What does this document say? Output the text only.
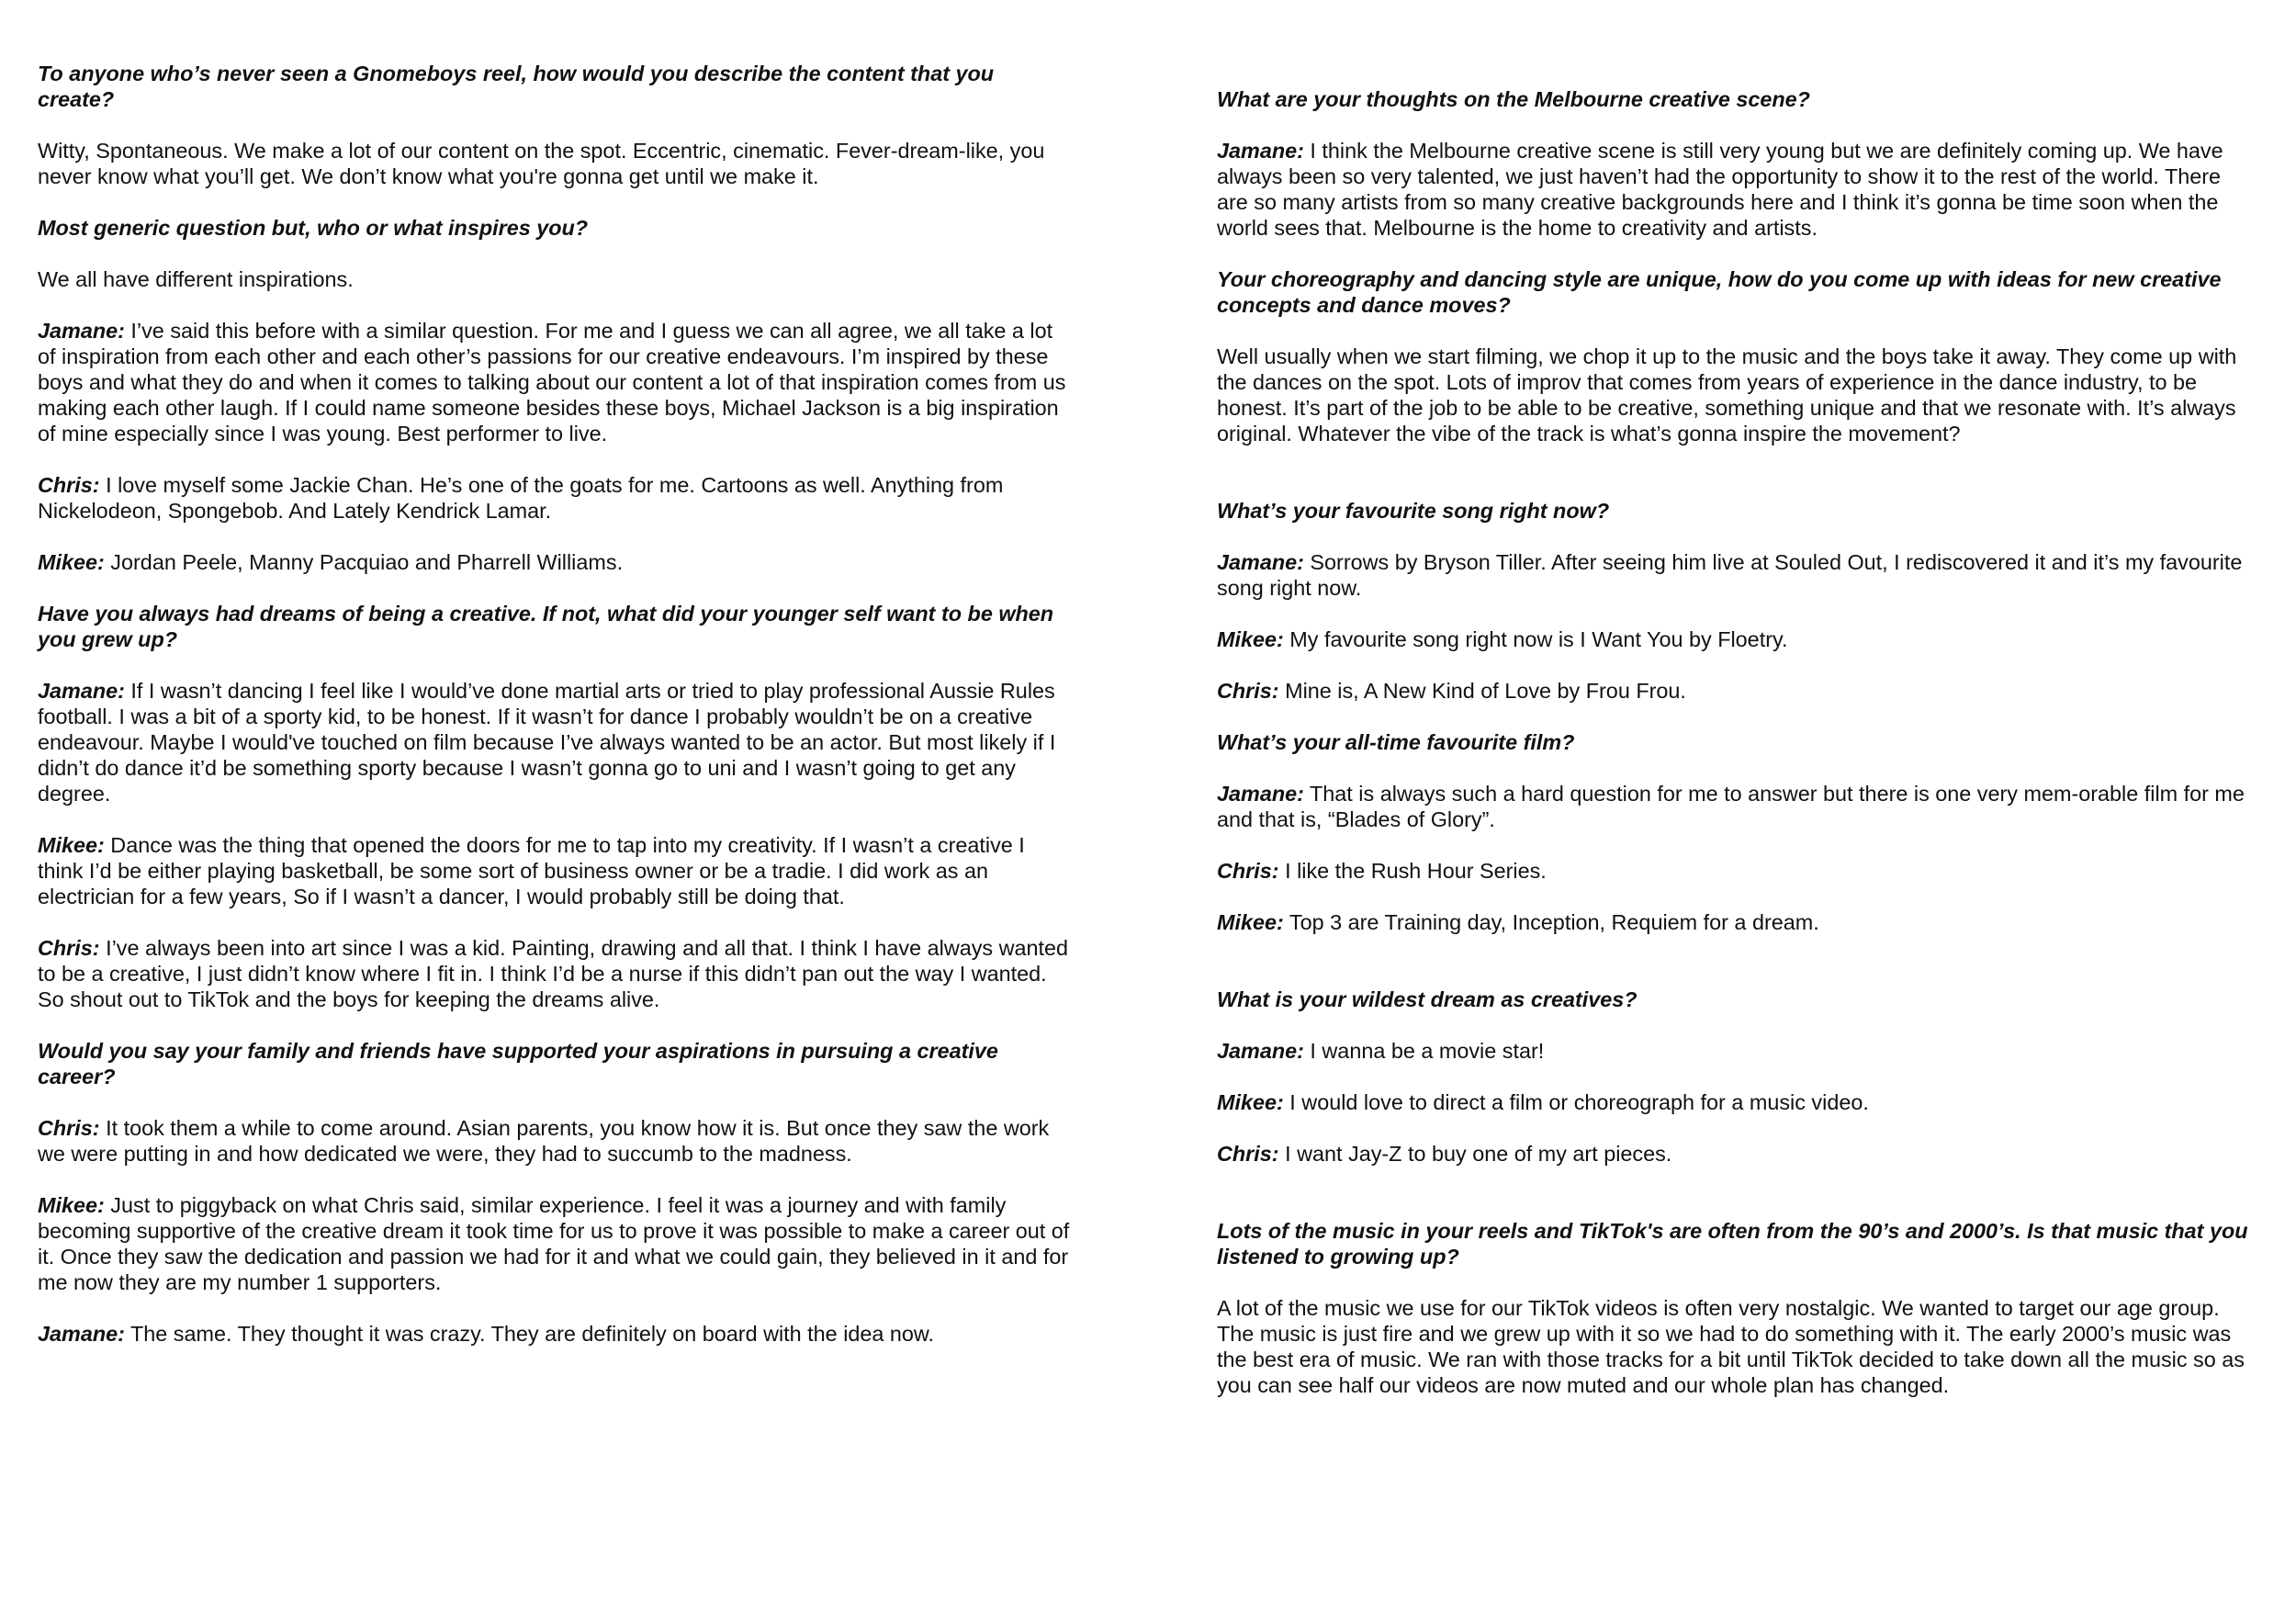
To anyone who’s never seen a Gnomeboys reel, how would you describe the content that you create?

Witty, Spontaneous. We make a lot of our content on the spot. Eccentric, cinematic. Fever-dream-like, you never know what you’ll get. We don’t know what you're gonna get until we make it.

Most generic question but, who or what inspires you?

We all have different inspirations.

Jamane: I’ve said this before with a similar question. For me and I guess we can all agree, we all take a lot of inspiration from each other and each other’s passions for our creative endeavours. I’m inspired by these boys and what they do and when it comes to talking about our content a lot of that inspiration comes from us making each other laugh. If I could name someone besides these boys, Michael Jackson is a big inspiration of mine especially since I was young. Best performer to live.

Chris: I love myself some Jackie Chan. He’s one of the goats for me. Cartoons as well. Anything from Nickelodeon, Spongebob. And Lately Kendrick Lamar.

Mikee: Jordan Peele, Manny Pacquiao and Pharrell Williams.

Have you always had dreams of being a creative. If not, what did your younger self want to be when you grew up?

Jamane: If I wasn’t dancing I feel like I would’ve done martial arts or tried to play professional Aussie Rules football. I was a bit of a sporty kid, to be honest. If it wasn’t for dance I probably wouldn’t be on a creative endeavour. Maybe I would've touched on film because I’ve always wanted to be an actor. But most likely if I didn’t do dance it’d be something sporty because I wasn’t gonna go to uni and I wasn’t going to get any degree.

Mikee: Dance was the thing that opened the doors for me to tap into my creativity. If I wasn’t a creative I think I’d be either playing basketball, be some sort of business owner or be a tradie. I did work as an electrician for a few years, So if I wasn’t a dancer, I would probably still be doing that.

Chris: I’ve always been into art since I was a kid. Painting, drawing and all that. I think I have always wanted to be a creative, I just didn’t know where I fit in. I think I’d be a nurse if this didn’t pan out the way I wanted. So shout out to TikTok and the boys for keeping the dreams alive.

Would you say your family and friends have supported your aspirations in pursuing a creative career?

Chris: It took them a while to come around. Asian parents, you know how it is. But once they saw the work we were putting in and how dedicated we were, they had to succumb to the madness.

Mikee: Just to piggyback on what Chris said, similar experience. I feel it was a journey and with family becoming supportive of the creative dream it took time for us to prove it was possible to make a career out of it. Once they saw the dedication and passion we had for it and what we could gain, they believed in it and for me now they are my number 1 supporters.

Jamane: The same. They thought it was crazy. They are definitely on board with the idea now.

What are your thoughts on the Melbourne creative scene?

Jamane: I think the Melbourne creative scene is still very young but we are definitely coming up. We have always been so very talented, we just haven’t had the opportunity to show it to the rest of the world. There are so many artists from so many creative backgrounds here and I think it’s gonna be time soon when the world sees that. Melbourne is the home to creativity and artists.

Your choreography and dancing style are unique, how do you come up with ideas for new creative concepts and dance moves?

Well usually when we start filming, we chop it up to the music and the boys take it away. They come up with the dances on the spot. Lots of improv that comes from years of experience in the dance industry, to be honest. It’s part of the job to be able to be creative, something unique and that we resonate with. It’s always original. Whatever the vibe of the track is what’s gonna inspire the movement?

What’s your favourite song right now?

Jamane: Sorrows by Bryson Tiller. After seeing him live at Souled Out, I rediscovered it and it’s my favourite song right now.

Mikee: My favourite song right now is I Want You by Floetry.

Chris: Mine is, A New Kind of Love by Frou Frou.

What’s your all-time favourite film?

Jamane: That is always such a hard question for me to answer but there is one very mem-orable film for me and that is, “Blades of Glory”.

Chris: I like the Rush Hour Series.

Mikee: Top 3 are Training day, Inception, Requiem for a dream.

What is your wildest dream as creatives?

Jamane: I wanna be a movie star!

Mikee: I would love to direct a film or choreograph for a music video.

Chris: I want Jay-Z to buy one of my art pieces.

Lots of the music in your reels and TikTok's are often from the 90’s and 2000’s. Is that music that you listened to growing up?

A lot of the music we use for our TikTok videos is often very nostalgic. We wanted to target our age group. The music is just fire and we grew up with it so we had to do something with it. The early 2000’s music was the best era of music. We ran with those tracks for a bit until TikTok decided to take down all the music so as you can see half our videos are now muted and our whole plan has changed.
